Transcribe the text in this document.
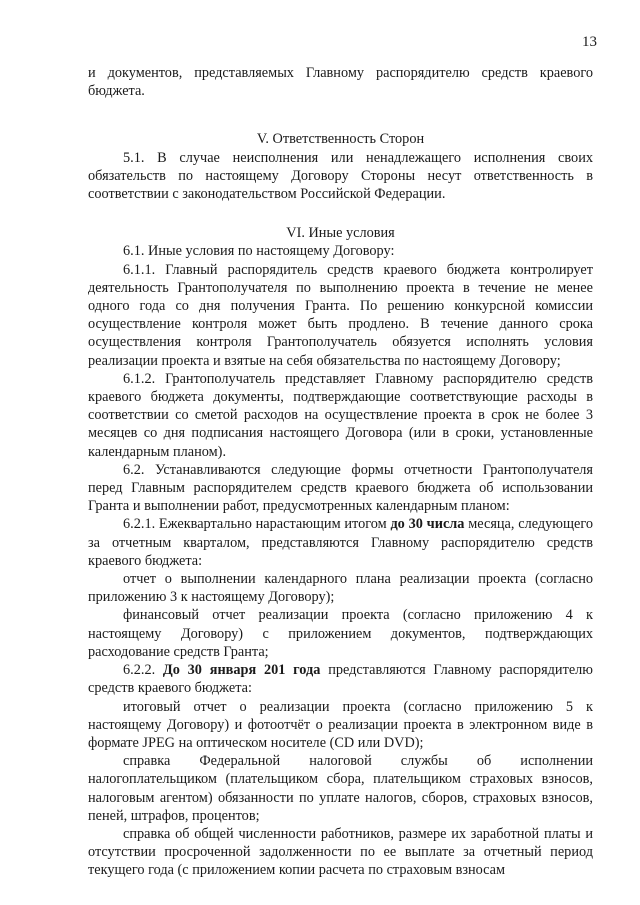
13

и документов, представляемых Главному распорядителю средств краевого бюджета.

V. Ответственность Сторон

5.1. В случае неисполнения или ненадлежащего исполнения своих обязательств по настоящему Договору Стороны несут ответственность в соответствии с законодательством Российской Федерации.

VI. Иные условия

6.1. Иные условия по настоящему Договору:

6.1.1. Главный распорядитель средств краевого бюджета контролирует деятельность Грантополучателя по выполнению проекта в течение не менее одного года со дня получения Гранта. По решению конкурсной комиссии осуществление контроля может быть продлено. В течение данного срока осуществления контроля Грантополучатель обязуется исполнять условия реализации проекта и взятые на себя обязательства по настоящему Договору;

6.1.2. Грантополучатель представляет Главному распорядителю средств краевого бюджета документы, подтверждающие соответствующие расходы в соответствии со сметой расходов на осуществление проекта в срок не более 3 месяцев со дня подписания настоящего Договора (или в сроки, установленные календарным планом).

6.2. Устанавливаются следующие формы отчетности Грантополучателя перед Главным распорядителем средств краевого бюджета об использовании Гранта и выполнении работ, предусмотренных календарным планом:

6.2.1. Ежеквартально нарастающим итогом до 30 числа месяца, следующего за отчетным кварталом, представляются Главному распорядителю средств краевого бюджета:

отчет о выполнении календарного плана реализации проекта (согласно приложению 3 к настоящему Договору);

финансовый отчет реализации проекта (согласно приложению 4 к настоящему Договору) с приложением документов, подтверждающих расходование средств Гранта;

6.2.2. До 30 января 201 года представляются Главному распорядителю средств краевого бюджета:

итоговый отчет о реализации проекта (согласно приложению 5 к настоящему Договору) и фотоотчёт о реализации проекта в электронном виде в формате JPEG на оптическом носителе (CD или DVD);

справка Федеральной налоговой службы об исполнении налогоплательщиком (плательщиком сбора, плательщиком страховых взносов, налоговым агентом) обязанности по уплате налогов, сборов, страховых взносов, пеней, штрафов, процентов;

справка об общей численности работников, размере их заработной платы и отсутствии просроченной задолженности по ее выплате за отчетный период текущего года (с приложением копии расчета по страховым взносам
